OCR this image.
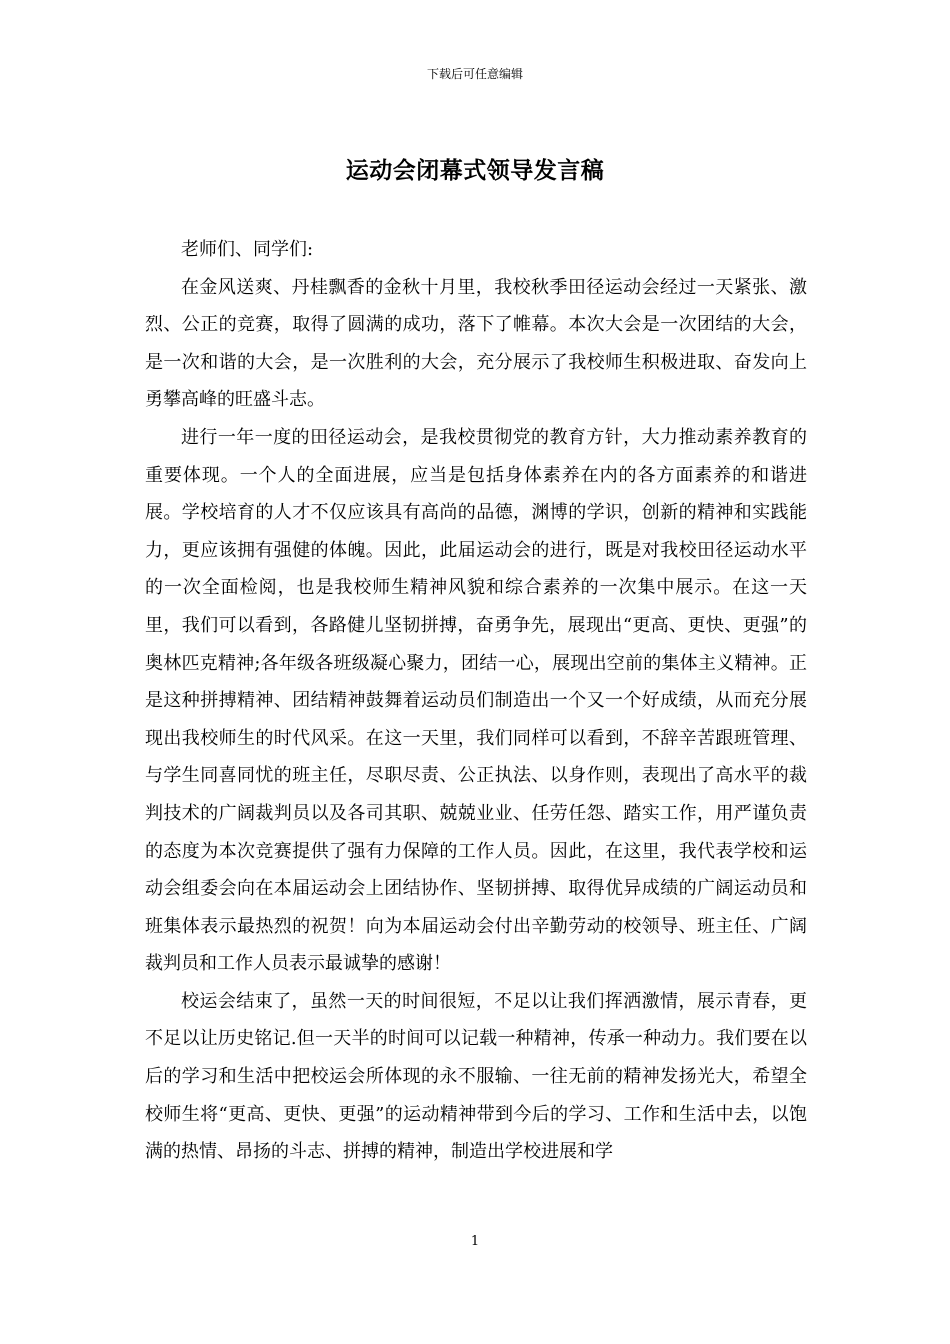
下载后可任意编辑
运动会闭幕式领导发言稿

老师们、同学们:

在金风送爽、丹桂飘香的金秋十月里，我校秋季田径运动会经过一天紧张、激烈、公正的竞赛，取得了圆满的成功，落下了帷幕。本次大会是一次团结的大会，是一次和谐的大会，是一次胜利的大会，充分展示了我校师生积极进取、奋发向上勇攀高峰的旺盛斗志。

进行一年一度的田径运动会，是我校贯彻党的教育方针，大力推动素养教育的重要体现。一个人的全面进展，应当是包括身体素养在内的各方面素养的和谐进展。学校培育的人才不仅应该具有高尚的品德，渊博的学识，创新的精神和实践能力，更应该拥有强健的体魄。因此，此届运动会的进行，既是对我校田径运动水平的一次全面检阅，也是我校师生精神风貌和综合素养的一次集中展示。在这一天里，我们可以看到，各路健儿坚韧拼搏，奋勇争先，展现出“更高、更快、更强”的奥林匹克精神;各年级各班级凝心聚力，团结一心，展现出空前的集体主义精神。正是这种拼搏精神、团结精神鼓舞着运动员们制造出一个又一个好成绩，从而充分展现出我校师生的时代风采。在这一天里，我们同样可以看到，不辞辛苦跟班管理、与学生同喜同忧的班主任，尽职尽责、公正执法、以身作则，表现出了高水平的裁判技术的广阔裁判员以及各司其职、兢兢业业、任劳任怨、踏实工作，用严谨负责的态度为本次竞赛提供了强有力保障的工作人员。因此，在这里，我代表学校和运动会组委会向在本届运动会上团结协作、坚韧拼搏、取得优异成绩的广阔运动员和班集体表示最热烈的祝贺！向为本届运动会付出辛勤劳动的校领导、班主任、广阔裁判员和工作人员表示最诚挚的感谢！

校运会结束了，虽然一天的时间很短，不足以让我们挥洒激情，展示青春，更不足以让历史铭记.但一天半的时间可以记载一种精神，传承一种动力。我们要在以后的学习和生活中把校运会所体现的永不服输、一往无前的精神发扬光大，希望全校师生将“更高、更快、更强”的运动精神带到今后的学习、工作和生活中去，以饱满的热情、昂扬的斗志、拼搏的精神，制造出学校进展和学

1
